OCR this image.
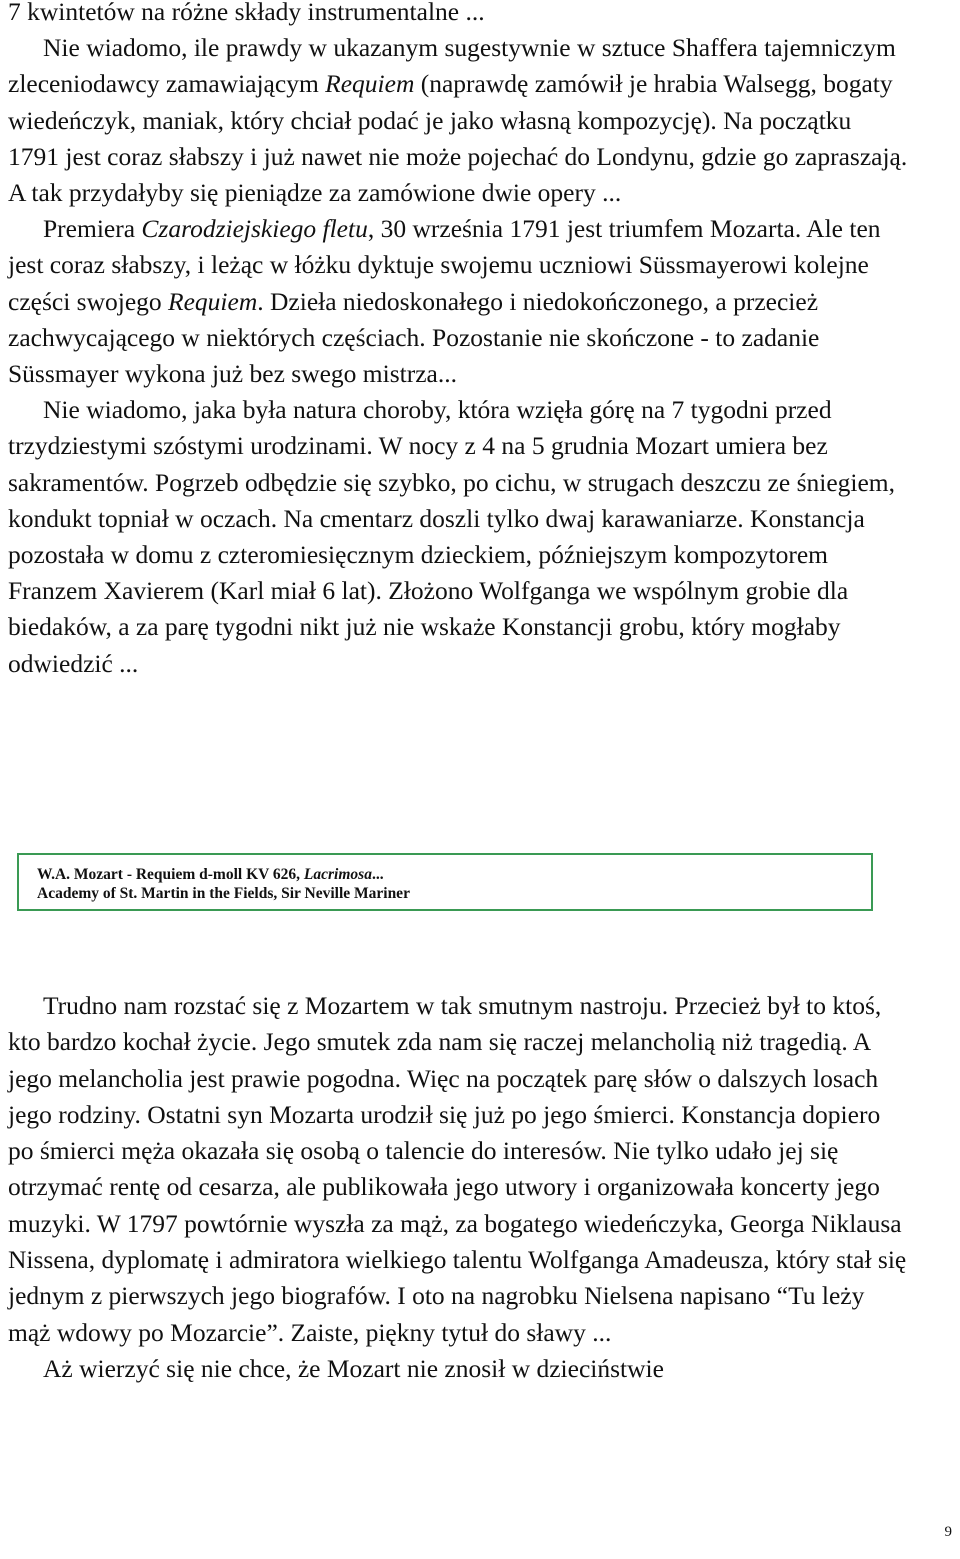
7 kwintetów na różne składy instrumentalne ...

Nie wiadomo, ile prawdy w ukazanym sugestywnie w sztuce Shaffera tajemniczym zleceniodawcy zamawiającym Requiem (naprawdę zamówił je hrabia Walsegg, bogaty wiedeńczyk, maniak, który chciał podać je jako własną kompozycję). Na początku 1791 jest coraz słabszy i już nawet nie może pojechać do Londynu, gdzie go zapraszają. A tak przydałyby się pieniądze za zamówione dwie opery ...

Premiera Czarodziejskiego fletu, 30 września 1791 jest triumfem Mozarta. Ale ten jest coraz słabszy, i leżąc w łóżku dyktuje swojemu uczniowi Süssmayerowi kolejne części swojego Requiem. Dzieła niedoskonałego i niedokończonego, a przecież zachwycającego w niektórych częściach. Pozostanie nie skończone - to zadanie Süssmayer wykona już bez swego mistrza...

Nie wiadomo, jaka była natura choroby, która wzięła górę na 7 tygodni przed trzydziestymi szóstymi urodzinami. W nocy z 4 na 5 grudnia Mozart umiera bez sakramentów. Pogrzeb odbędzie się szybko, po cichu, w strugach deszczu ze śniegiem, kondukt topniał w oczach. Na cmentarz doszli tylko dwaj karawaniarze. Konstancja pozostała w domu z czteromiesięcznym dzieckiem, późniejszym kompozytorem Franzem Xavierem (Karl miał 6 lat). Złożono Wolfganga we wspólnym grobie dla biedaków, a za parę tygodni nikt już nie wskaże Konstancji grobu, który mogłaby odwiedzić ...

W.A. Mozart - Requiem d-moll KV 626, Lacrimosa...
Academy of St. Martin in the Fields, Sir Neville Mariner

Trudno nam rozstać się z Mozartem w tak smutnym nastroju. Przecież był to ktoś, kto bardzo kochał życie. Jego smutek zda nam się raczej melancholią niż tragedią. A jego melancholia jest prawie pogodna. Więc na początek parę słów o dalszych losach jego rodziny. Ostatni syn Mozarta urodził się już po jego śmierci. Konstancja dopiero po śmierci męża okazała się osobą o talencie do interesów. Nie tylko udało jej się otrzymać rentę od cesarza, ale publikowała jego utwory i organizowała koncerty jego muzyki. W 1797 powtórnie wyszła za mąż, za bogatego wiedeńczyka, Georga Niklausa Nissena, dyplomatę i admiratora wielkiego talentu Wolfganga Amadeusza, który stał się jednym z pierwszych jego biografów. I oto na nagrobku Nielsena napisano “Tu leży mąż wdowy po Mozarcie”. Zaiste, piękny tytuł do sławy ...

Aż wierzyć się nie chce, że Mozart nie znosił w dzieciństwie

9
